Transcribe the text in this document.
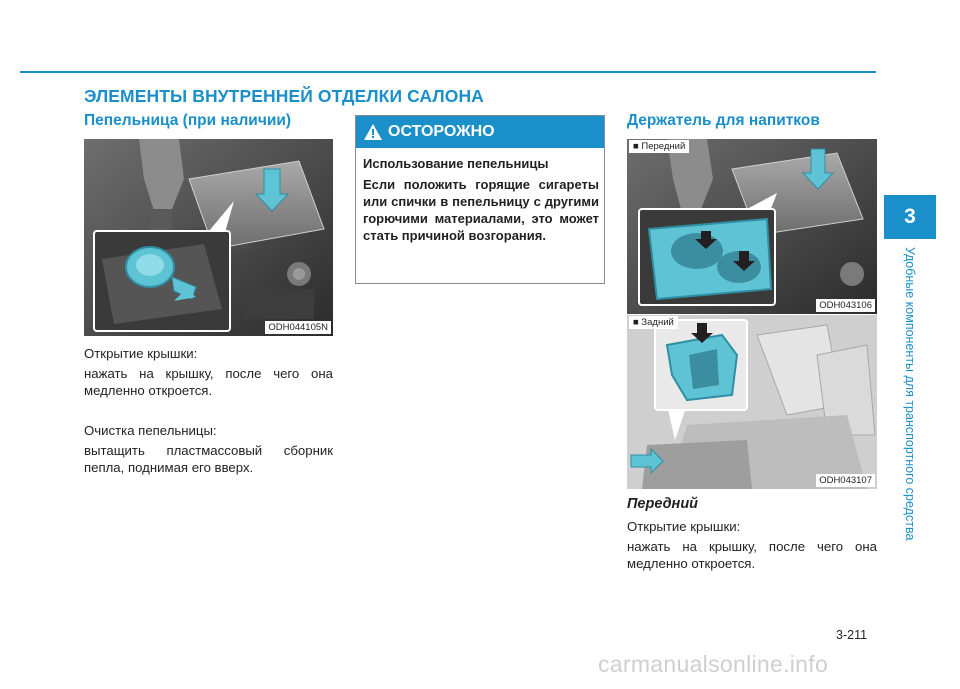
ЭЛЕМЕНТЫ ВНУТРЕННЕЙ ОТДЕЛКИ САЛОНА
Пепельница (при наличии)
ODH044105N
Открытие крышки:
нажать на крышку, после чего она медленно откроется.
Очистка пепельницы:
вытащить пластмассовый сборник пепла, поднимая его вверх.
ОСТОРОЖНО
Использование пепельницы
Если положить горящие сигареты или спички в пепельницу с другими горючими материалами, это может стать причиной возгорания.
Держатель для напитков
■ Передний
ODH043106
■ Задний
ODH043107
Передний
Открытие крышки:
нажать на крышку, после чего она медленно откроется.
3
Удобные компоненты для транспортного средства
3-211
carmanualsonline.info
